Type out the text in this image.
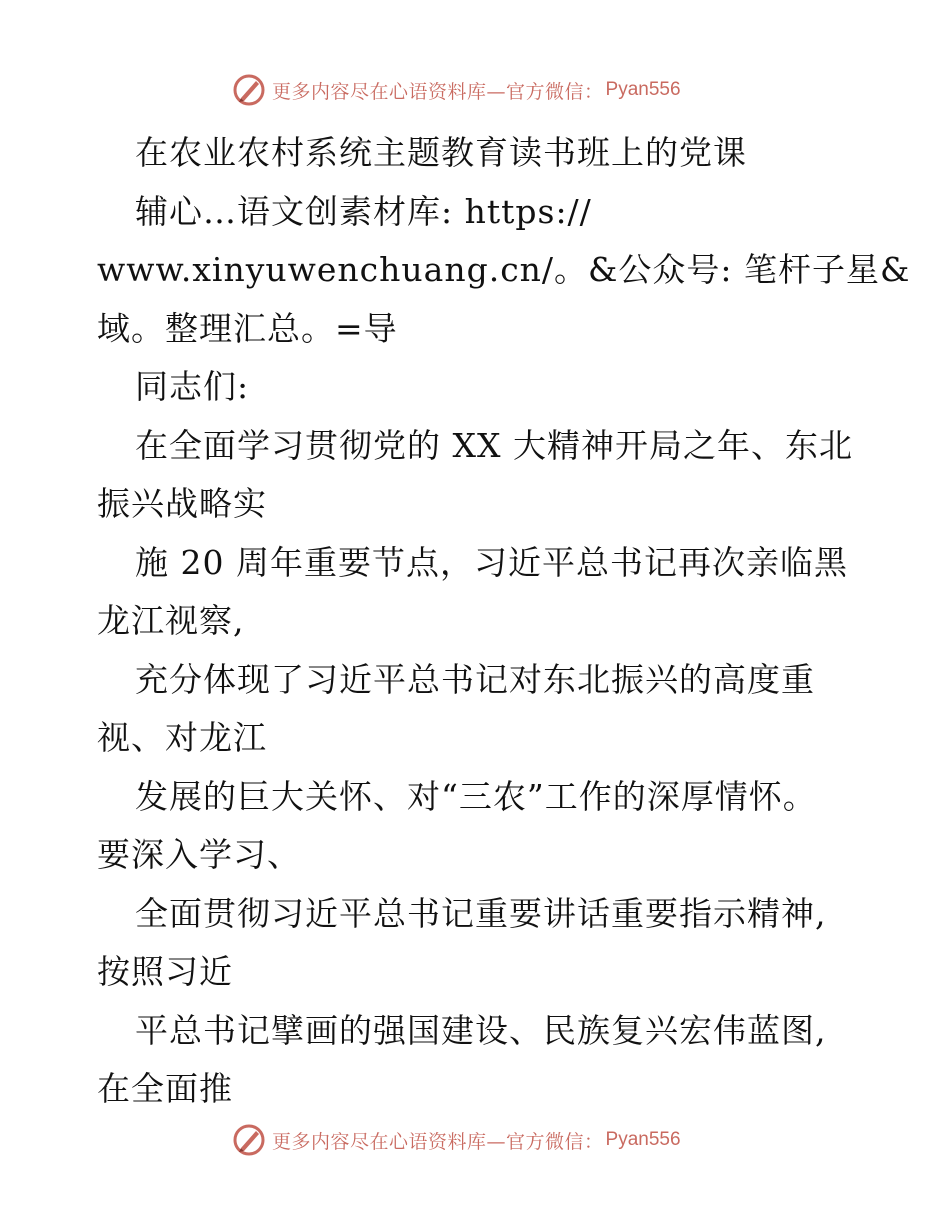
更多内容尽在心语资料库—官方微信： Pyan556
在农业农村系统主题教育读书班上的党课
辅心…语文创素材库: https://
www.xinyuwenchuang.cn/。&公众号: 笔杆子星&
域。整理汇总。=导
同志们:
在全面学习贯彻党的 XX 大精神开局之年、东北
振兴战略实
施 20 周年重要节点，习近平总书记再次亲临黑
龙江视察,
充分体现了习近平总书记对东北振兴的高度重
视、对龙江
发展的巨大关怀、对“三农”工作的深厚情怀。
要深入学习、
全面贯彻习近平总书记重要讲话重要指示精神,
按照习近
平总书记擘画的强国建设、民族复兴宏伟蓝图,
在全面推
更多内容尽在心语资料库—官方微信： Pyan556
